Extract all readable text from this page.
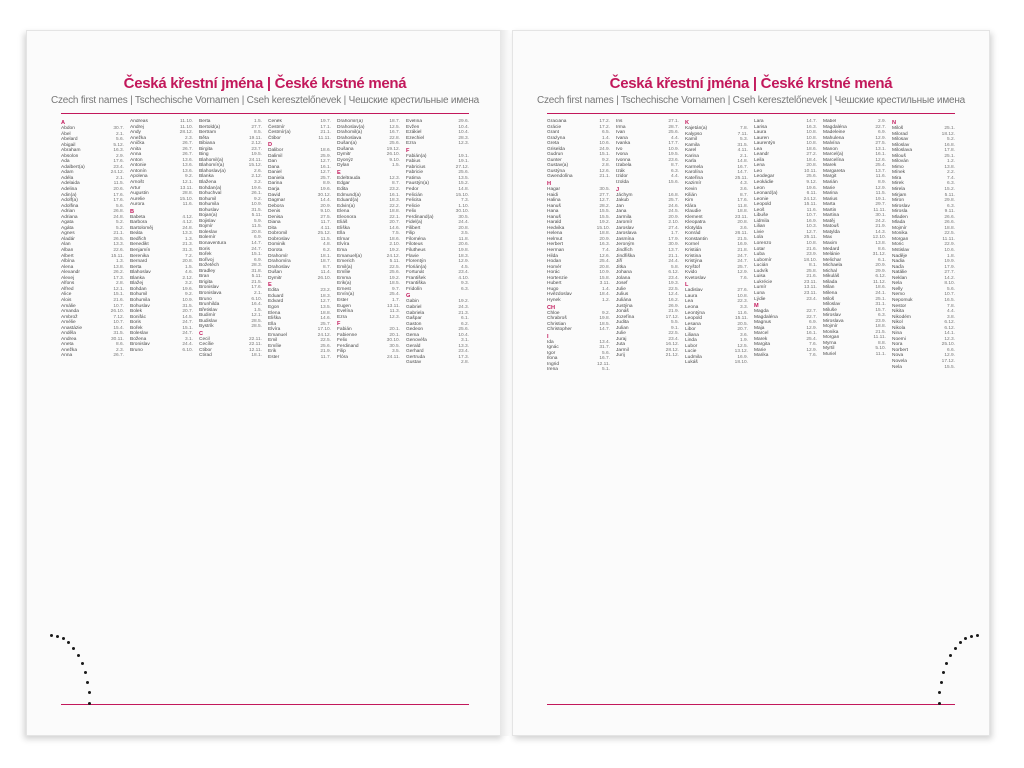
Česká křestní jména | České krstné mená
Czech first names | Tschechische Vornamen | Cseh keresztelőnevek | Чешские крестильные имена
A
Abdon	30.7.
Ábel	2.1.
Abelard	5.6.
Abigail	5.12.
Abraham	16.3.
Absolon	2.9.
Ada	17.6.
Adalbert(a)	23.4.
Adam	24.12.
Adéla	2.1.
Adelaida	11.5.
Adelina	20.6.
Adin(a)	17.6.
Adolf(a)	17.6.
Adolfina	5.6.
Adrian	26.8.
Adriana	24.8.
Agata	5.2.
Agáta	5.2.
Agnes	21.1.
Aladár	26.5.
Alan	13.3.
Alban	22.6.
Albert	15.11.
Albína	1.3.
Alena	13.8.
Alexandr	26.2.
Alexej	17.3.
Alfons	2.8.
Alfred	12.1.
Alice	15.1.
Alois	21.6.
Amálie	10.7.
Amanda	26.10.
Ambrož	7.12.
Amélie	10.7.
Anastázie	15.4.
Anděla	31.5.
Andrea	30.11.
Aneta	8.6.
Anežka	2.3.
Anna	26.7.
Andreas	11.10.
Andrej	11.10.
Andy	28.12.
Anežka	2.3.
Anička	26.7.
Anita	26.7.
Anna	26.7.
Anton	13.6.
Antonie	13.6.
Antonín	13.6.
Apolena	9.2.
Arnošt	12.1.
Artur	13.11.
Augustin	28.8.
Aurelie	15.10.
Aurora	11.6.
B
Babeta	4.12.
Barbora	4.12.
Bartoloměj	24.8.
Beáta	13.3.
Bedřich	1.3.
Benedikt	21.3.
Benjamín	31.3.
Berenika	7.2.
Bernard	20.8.
Berta	1.5.
Blahoslav	4.6.
Blanka	2.12.
Blažej	3.2.
Bohdan	19.6.
Bohumil	9.2.
Bohumila	10.9.
Bohuslav	31.5.
Bolek	20.7.
Bonifác	14.5.
Boris	24.7.
Bořek	15.1.
Boleslav	24.7.
Božena	3.1.
Bronislav	24.4.
Bruno	6.10.
Berta	1.5.
Bertold(a)	27.7.
Bertram	8.5.
Běta	19.11.
Bibiana	2.12.
Birgita	23.7.
Bing	19.5.
Blahomil(a)	24.11.
Blahomír(a)	15.12.
Blahoslav(a)	2.6.
Blanka	2.12.
Blažena	3.2.
Bohdan(a)	19.6.
Bohuchval	26.1.
Bohumil	9.2.
Bohumila	10.9.
Bohuslav	31.5.
Bojan(a)	5.11.
Bojislav	5.9.
Bojmír	11.5.
Boleslav	20.8.
Bolemír	6.9.
Bonaventura	14.7.
Boris	24.7.
Bořek	15.1.
Bořivoj	6.9.
Božetěch	28.3.
Bradley	31.8.
Bran	5.11.
Brigita	21.5.
Bronislav	17.6.
Bronislava	2.1.
Bruno	6.10.
Brunhilda	16.4.
Břetislav	1.5.
Budimír	12.1.
Budislav	28.5.
Bystrík	28.5.
C
Cecil	22.11.
Cecílie	22.11.
Ctibor	12.11.
Ctirad	18.1.
Čeněk	19.7.
Čestmír	17.1.
Čestmír(a)	21.1.
Čtibor	11.11.
D
Dalibor	18.6.
Dalimil	25.9.
Dan	12.7.
Dana	16.1.
Daniel	12.7.
Daniela	25.7.
Darina	8.9.
Darja	19.6.
David	30.12.
Dagmar	14.4.
Debora	20.9.
Denis	9.10.
Denisa	27.5.
Diana	11.7.
Dita	4.11.
Dobromil	25.12.
Dobroslav	11.5.
Dominik	4.8.
Dorota	6.2.
Drahomír	18.1.
Drahomíra	18.7.
Drahoslav	8.7.
Dušan	11.4.
Dymitr	26.10.
E
Edita	23.2.
Eduard	18.3.
Edvard	12.7.
Egon	13.5.
Elena	18.8.
Eliška	14.6.
Ella	25.7.
Elvíra	17.10.
Emanuel	24.12.
Emil	22.5.
Emílie	25.6.
Erik	21.9.
Ester	11.7.
Drahomír(a)	18.7.
Drahoslav(a)	12.5.
Drahomil(a)	16.7.
Drahoslava	22.8.
Dušan(a)	25.6.
Dušana	19.12.
Dymitr	26.10.
Dyonýz	9.10.
Dylan	1.5.
E
Edeltrauda	12.3.
Edgar	8.7.
Edita	23.2.
Edmund(a)	16.1.
Eduard(a)	18.3.
Edvin(a)	22.2.
Elena	18.8.
Eleonora	22.1.
Eliáš	20.7.
Eliška	14.6.
Ella	7.5.
Elmar	18.6.
Elvíra	2.10.
Ema	19.2.
Emanuel(a)	24.12.
Emerich	5.11.
Emil(a)	22.5.
Emílie	25.6.
Emma	19.2.
Erik(a)	18.5.
Ernest	9.7.
Ervín(a)	25.4.
Ester	1.7.
Eugen	13.11.
Evelína	11.3.
Ezra	12.3.
F
Fabián	20.1.
Fabienne	20.1.
Felix	30.10.
Ferdinand	30.5.
Filip	3.5.
Flóra	24.11.
Evelína	29.6.
Evžen	10.4.
Ezákiel	10.4.
Ezechiel	28.3.
Ezra	12.3.
F
Fabián(a)	19.1.
Fabius	19.1.
Fabricius	27.12.
Fabricie	25.6.
Fatima	13.5.
Faustýn(a)	15.2.
Fedor	14.8.
Felicián	15.10.
Felicita	7.3.
Felicie	1.10.
Felix	30.10.
Ferdinand(a)	30.5.
Fidel(a)	24.4.
Filibert	20.8.
Filip	3.5.
Filoména	11.8.
Filoteus	20.6.
Filutheus	19.8.
Flavie	18.3.
Florentýn	12.9.
Florián(a)	4.5.
Fortunát	23.4.
František	4.10.
Františka	9.3.
Fridolín	6.3.
G
Gabin	19.2.
Gabriel	24.3.
Gabriela	21.3.
Gašpar	6.1.
Gaston	6.2.
Gedeon	25.6.
Gema	10.4.
Genovéfa	3.1.
Gerald	13.3.
Gerhard	23.4.
Gertruda	17.3.
Gustav	2.8.
Česká křestní jména | České krstné mená
Czech first names | Tschechische Vornamen | Cseh keresztelőnevek | Чешские крестильные имена
Graciána	17.2.
Grácie	17.2.
Grant	6.5.
Grażyna	1.4.
Greta	10.6.
Griselda	24.9.
Gudrun	15.1.
Gunter	9.2.
Gustav(a)	2.8.
Gustýna	12.6.
Gwendolína	21.1.
H
Hagar	30.5.
Haidi	27.7.
Halina	12.7.
Hanuš	28.2.
Hana	15.5.
Hanuš	15.5.
Harald	19.2.
Hedvika	15.10.
Helena	18.8.
Helmut	20.9.
Herbert	16.3.
Herman	7.4.
Hilda	12.6.
Hodan	25.4.
Homér	20.8.
Horác	10.9.
Hortenzie	15.8.
Hubert	3.11.
Hugo	1.4.
Hvězdoslav	18.4.
Hynek	1.2.
CH
Chloe	9.2.
Chrabroš	19.8.
Christian	18.5.
Christopher	14.7.
I
Ida	13.4.
Ignác	31.7.
Igor	5.6.
Ilona	16.7.
Ingrid	12.11.
Irena	5.1.
Iris	27.1.
Irma	28.7.
Ivan	25.6.
Ivana	4.4.
Ivanka	17.7.
Ivo	10.9.
Ivona	19.5.
Ivonna	23.6.
Izabela	8.7.
Izák	6.3.
Izidor	4.4.
Izolda	15.6.
J
Jáchym	16.8.
Jakub	25.7.
Jan	24.6.
Jana	24.5.
Jarmila	20.9.
Jaromír	2.10.
Jaroslav	27.4.
Jaroslava	1.7.
Jasmína	17.9.
Jeroným	30.9.
Jindřich	13.7.
Jindřiška	21.1.
Jiří	24.4.
Jitka	5.8.
Johana	6.12.
Jolana	23.4.
Josef	19.3.
Julie	22.5.
Julius	12.4.
Juliána	16.2.
Justýna	26.9.
Jonáš	21.9.
Jozefína	17.12.
Judita	5.5.
Julian	9.1.
Julie	22.5.
Juraj	23.4.
Juta	16.12.
Jarmil	28.12.
Jurij	21.12.
K
Kajetán(a)	7.8.
Kalypso	7.11.
Kamil	5.3.
Kamila	31.5.
Karel	4.11.
Karina	2.1.
Karla	14.8.
Karmela	16.7.
Karolína	14.7.
Kateřina	25.11.
Kazimír	4.3.
Kevin	3.6.
Kilián	8.7.
Kim	17.6.
Klára	11.8.
Klaudie	18.8.
Klement	23.11.
Kleopatra	20.8.
Klotylda	3.6.
Konrád	26.11.
Konstantin	21.5.
Kornel	16.9.
Kristián	21.8.
Kristina	24.7.
Kristýna	24.7.
Kryštof	25.7.
Kvido	12.9.
Kvetoslav	7.6.
L
Ladislav	27.6.
Laura	10.8.
Lea	22.3.
Leona	3.3.
Leontýna	11.6.
Leopold	15.11.
Lesana	20.5.
Libor	20.7.
Liliana	3.6.
Linda	1.9.
Lubor	12.5.
Lucie	13.12.
Ludmila	16.9.
Lukáš	18.10.
Lara	14.7.
Larisa	16.3.
Laura	10.8.
Lauren	10.8.
Laurentýn	10.8.
Lea	18.6.
Leandr	27.2.
Leila	18.4.
Lena	20.8.
Leo	10.11.
Leodegar	25.6.
Leokádie	9.12.
Leon	19.6.
Leonard(a)	6.11.
Leonie	24.12.
Leopold	15.11.
Leoš	11.6.
Libuše	10.7.
Lidmila	16.9.
Lilian	10.3.
Livie	12.7.
Lola	25.11.
Lorenzo	10.8.
Lotar	21.6.
Luba	23.9.
Lubomír	18.10.
Lucián	8.1.
Ludvík	25.8.
Luisa	21.6.
Lukrécie	23.11.
Lumír	13.11.
Luna	23.11.
Lýdie	23.4.
M
Magda	22.7.
Magdaléna	22.7.
Magnus	6.9.
Maja	12.9.
Marcel	16.1.
Marek	25.4.
Margita	7.6.
Marie	12.9.
Marika	7.6.
Mabel	2.9.
Magdaléna	22.7.
Madeleine	6.9.
Mahulena	12.9.
Malvína	27.5.
Manon	13.1.
Marcel(a)	16.1.
Marcelína	12.6.
Marek	25.4.
Margareta	13.7.
Margit	11.6.
Marián	8.9.
Marie	12.9.
Marina	11.5.
Marius	19.1.
Marta	29.7.
Martin	11.11.
Martina	30.1.
Matěj	24.2.
Matouš	21.9.
Matylda	14.3.
Max	12.10.
Maxim	13.8.
Medard	8.6.
Melánie	31.12.
Melichar	6.1.
Michaela	20.9.
Michal	29.9.
Mikuláš	6.12.
Milada	11.12.
Milan	18.6.
Milena	24.1.
Miloš	25.1.
Miloslav	31.1.
Miluše	15.7.
Miroslav	6.3.
Miroslava	23.9.
Mojmír	18.8.
Monika	21.5.
Morgan	11.11.
Myrna	8.8.
Myrtil	5.10.
Muriel	11.1.
N
Miloš	25.1.
Milorad	18.12.
Milosav	5.2.
Miloslav	16.8.
Miloslava	17.8.
Milouš	25.1.
Milován	1.2.
Mimo	13.8.
Mínek	2.2.
Mira	7.4.
Mirek	6.3.
Mirela	15.2.
Mirjam	5.11.
Miron	29.8.
Miroslav	6.3.
Mirosla	9.11.
Mladen	26.6.
Mlada	26.6.
Mojmír	18.8.
Monika	22.5.
Morgan	11.11.
Moric	22.9.
Mstislav	10.6.
Naděje	1.8.
Nadia	19.9.
Naďa	17.9.
Natálie	27.7.
Neklan	14.2.
Nela	8.10.
Nelly	5.6.
Nemo	10.7.
Nepomuk	16.5.
Nestor	7.8.
Nikita	4.4.
Nikodém	3.8.
Nikol	6.12.
Nikola	6.12.
Nina	14.1.
Noemi	12.3.
Nora	25.10.
Norbert	6.6.
Nova	12.9.
Novela	17.12.
Nela	15.5.
